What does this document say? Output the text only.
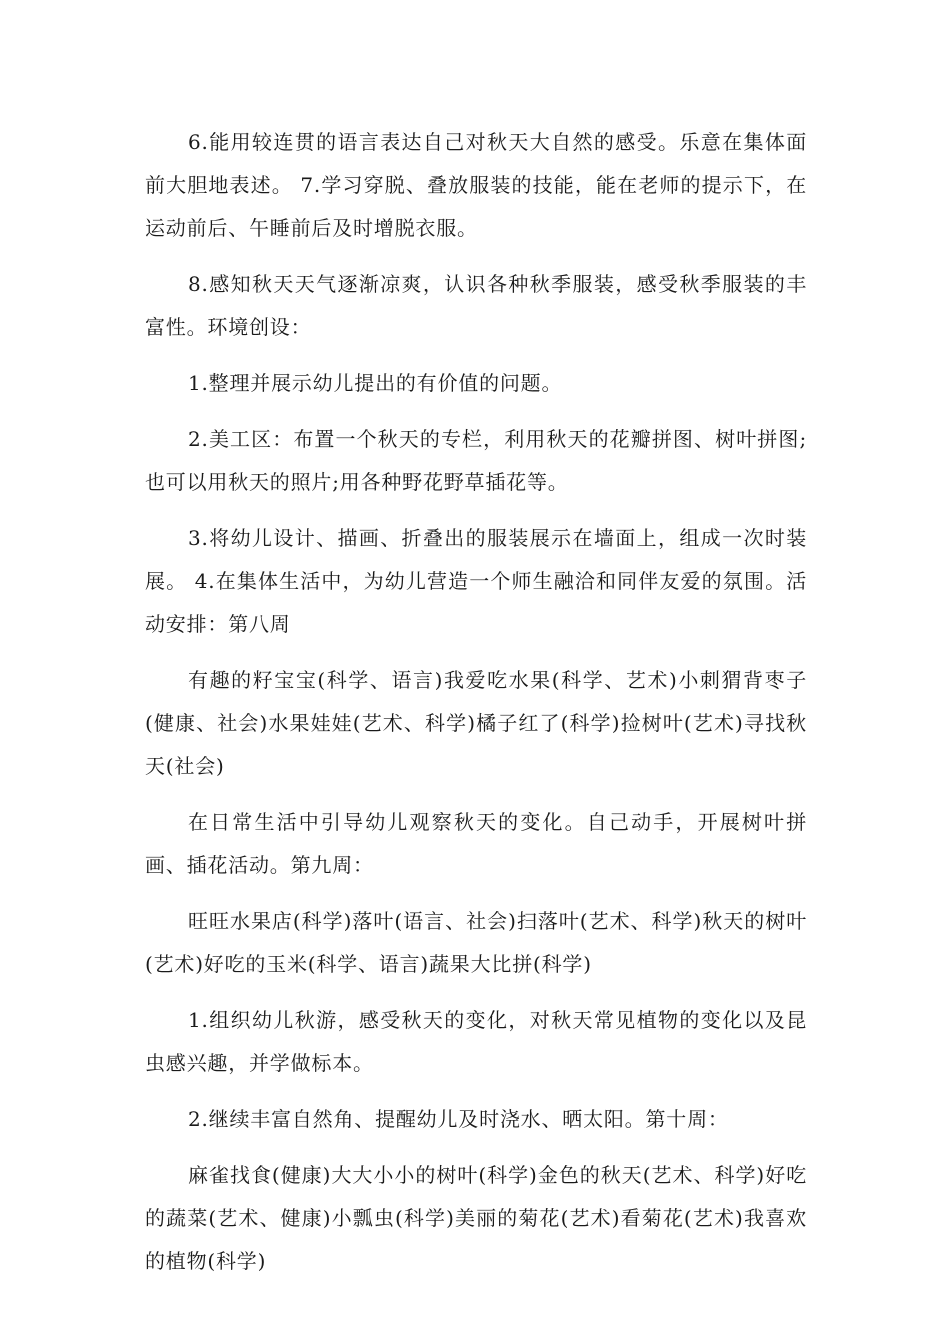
6.能用较连贯的语言表达自己对秋天大自然的感受。乐意在集体面前大胆地表述。 7.学习穿脱、叠放服装的技能，能在老师的提示下，在运动前后、午睡前后及时增脱衣服。

8.感知秋天天气逐渐凉爽，认识各种秋季服装，感受秋季服装的丰富性。环境创设：

1.整理并展示幼儿提出的有价值的问题。

2.美工区：布置一个秋天的专栏，利用秋天的花瓣拼图、树叶拼图;也可以用秋天的照片;用各种野花野草插花等。

3.将幼儿设计、描画、折叠出的服装展示在墙面上，组成一次时装展。 4.在集体生活中，为幼儿营造一个师生融洽和同伴友爱的氛围。活动安排：第八周

有趣的籽宝宝(科学、语言)我爱吃水果(科学、艺术)小刺猬背枣子(健康、社会)水果娃娃(艺术、科学)橘子红了(科学)捡树叶(艺术)寻找秋天(社会)

在日常生活中引导幼儿观察秋天的变化。自己动手，开展树叶拼画、插花活动。第九周：

旺旺水果店(科学)落叶(语言、社会)扫落叶(艺术、科学)秋天的树叶(艺术)好吃的玉米(科学、语言)蔬果大比拼(科学)

1.组织幼儿秋游，感受秋天的变化，对秋天常见植物的变化以及昆虫感兴趣，并学做标本。

2.继续丰富自然角、提醒幼儿及时浇水、晒太阳。第十周：

麻雀找食(健康)大大小小的树叶(科学)金色的秋天(艺术、科学)好吃的蔬菜(艺术、健康)小瓢虫(科学)美丽的菊花(艺术)看菊花(艺术)我喜欢的植物(科学)
